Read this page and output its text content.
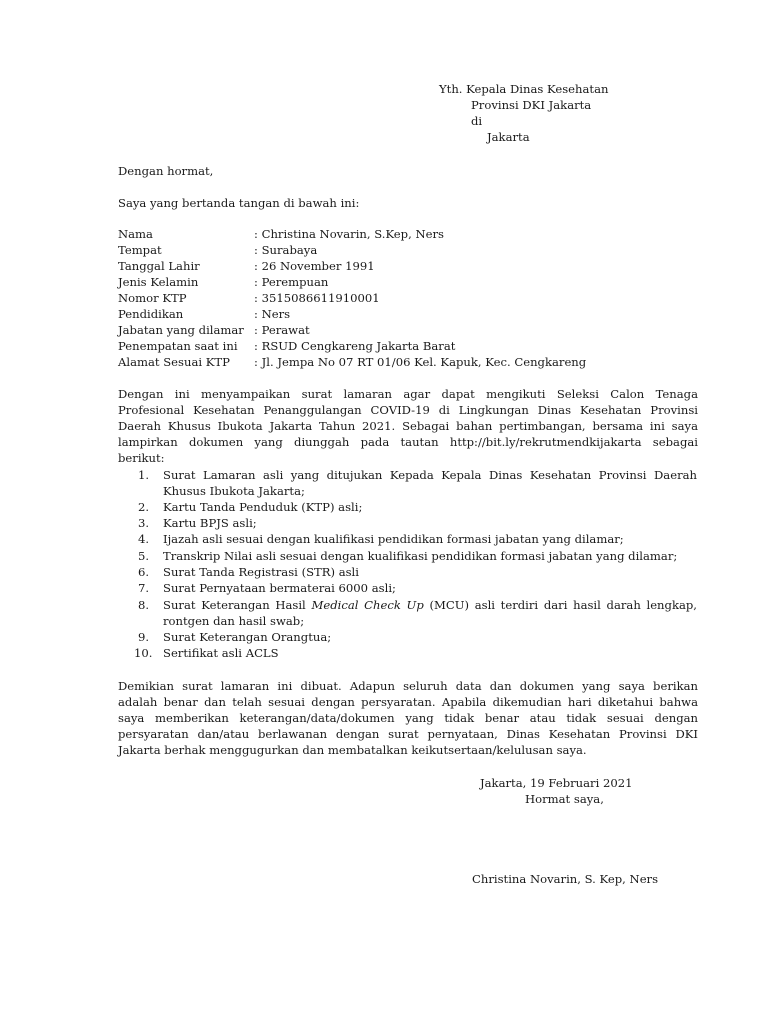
Yth. Kepala Dinas Kesehatan
Provinsi DKI Jakarta
di
Jakarta
Dengan hormat,
Saya yang bertanda tangan di bawah ini:
Nama	: Christina Novarin, S.Kep, Ners
Tempat	: Surabaya
Tanggal Lahir	: 26 November 1991
Jenis Kelamin	: Perempuan
Nomor KTP	: 3515086611910001
Pendidikan	: Ners
Jabatan yang dilamar : Perawat
Penempatan saat ini : RSUD Cengkareng Jakarta Barat
Alamat Sesuai KTP : Jl. Jempa No 07 RT 01/06 Kel. Kapuk, Kec. Cengkareng
Dengan ini menyampaikan surat lamaran agar dapat mengikuti Seleksi Calon Tenaga
Profesional Kesehatan Penanggulangan COVID-19 di Lingkungan Dinas Kesehatan Provinsi
Daerah Khusus Ibukota Jakarta Tahun 2021. Sebagai bahan pertimbangan, bersama ini saya
lampirkan dokumen yang diunggah pada tautan http://bit.ly/rekrutmendkijakarta sebagai
berikut:
1. Surat Lamaran asli yang ditujukan Kepada Kepala Dinas Kesehatan Provinsi Daerah
Khusus Ibukota Jakarta;
2. Kartu Tanda Penduduk (KTP) asli;
3. Kartu BPJS asli;
4. Ijazah asli sesuai dengan kualifikasi pendidikan formasi jabatan yang dilamar;
5. Transkrip Nilai asli sesuai dengan kualifikasi pendidikan formasi jabatan yang dilamar;
6. Surat Tanda Registrasi (STR) asli
7. Surat Pernyataan bermaterai 6000 asli;
8. Surat Keterangan Hasil Medical Check Up (MCU) asli terdiri dari hasil darah lengkap,
rontgen dan hasil swab;
9. Surat Keterangan Orangtua;
10. Sertifikat asli ACLS
Demikian surat lamaran ini dibuat. Adapun seluruh data dan dokumen yang saya berikan
adalah benar dan telah sesuai dengan persyaratan. Apabila dikemudian hari diketahui bahwa
saya memberikan keterangan/data/dokumen yang tidak benar atau tidak sesuai dengan
persyaratan dan/atau berlawanan dengan surat pernyataan, Dinas Kesehatan Provinsi DKI
Jakarta berhak menggugurkan dan membatalkan keikutsertaan/kelulusan saya.
Jakarta, 19 Februari 2021
Hormat saya,
Christina Novarin, S. Kep, Ners
